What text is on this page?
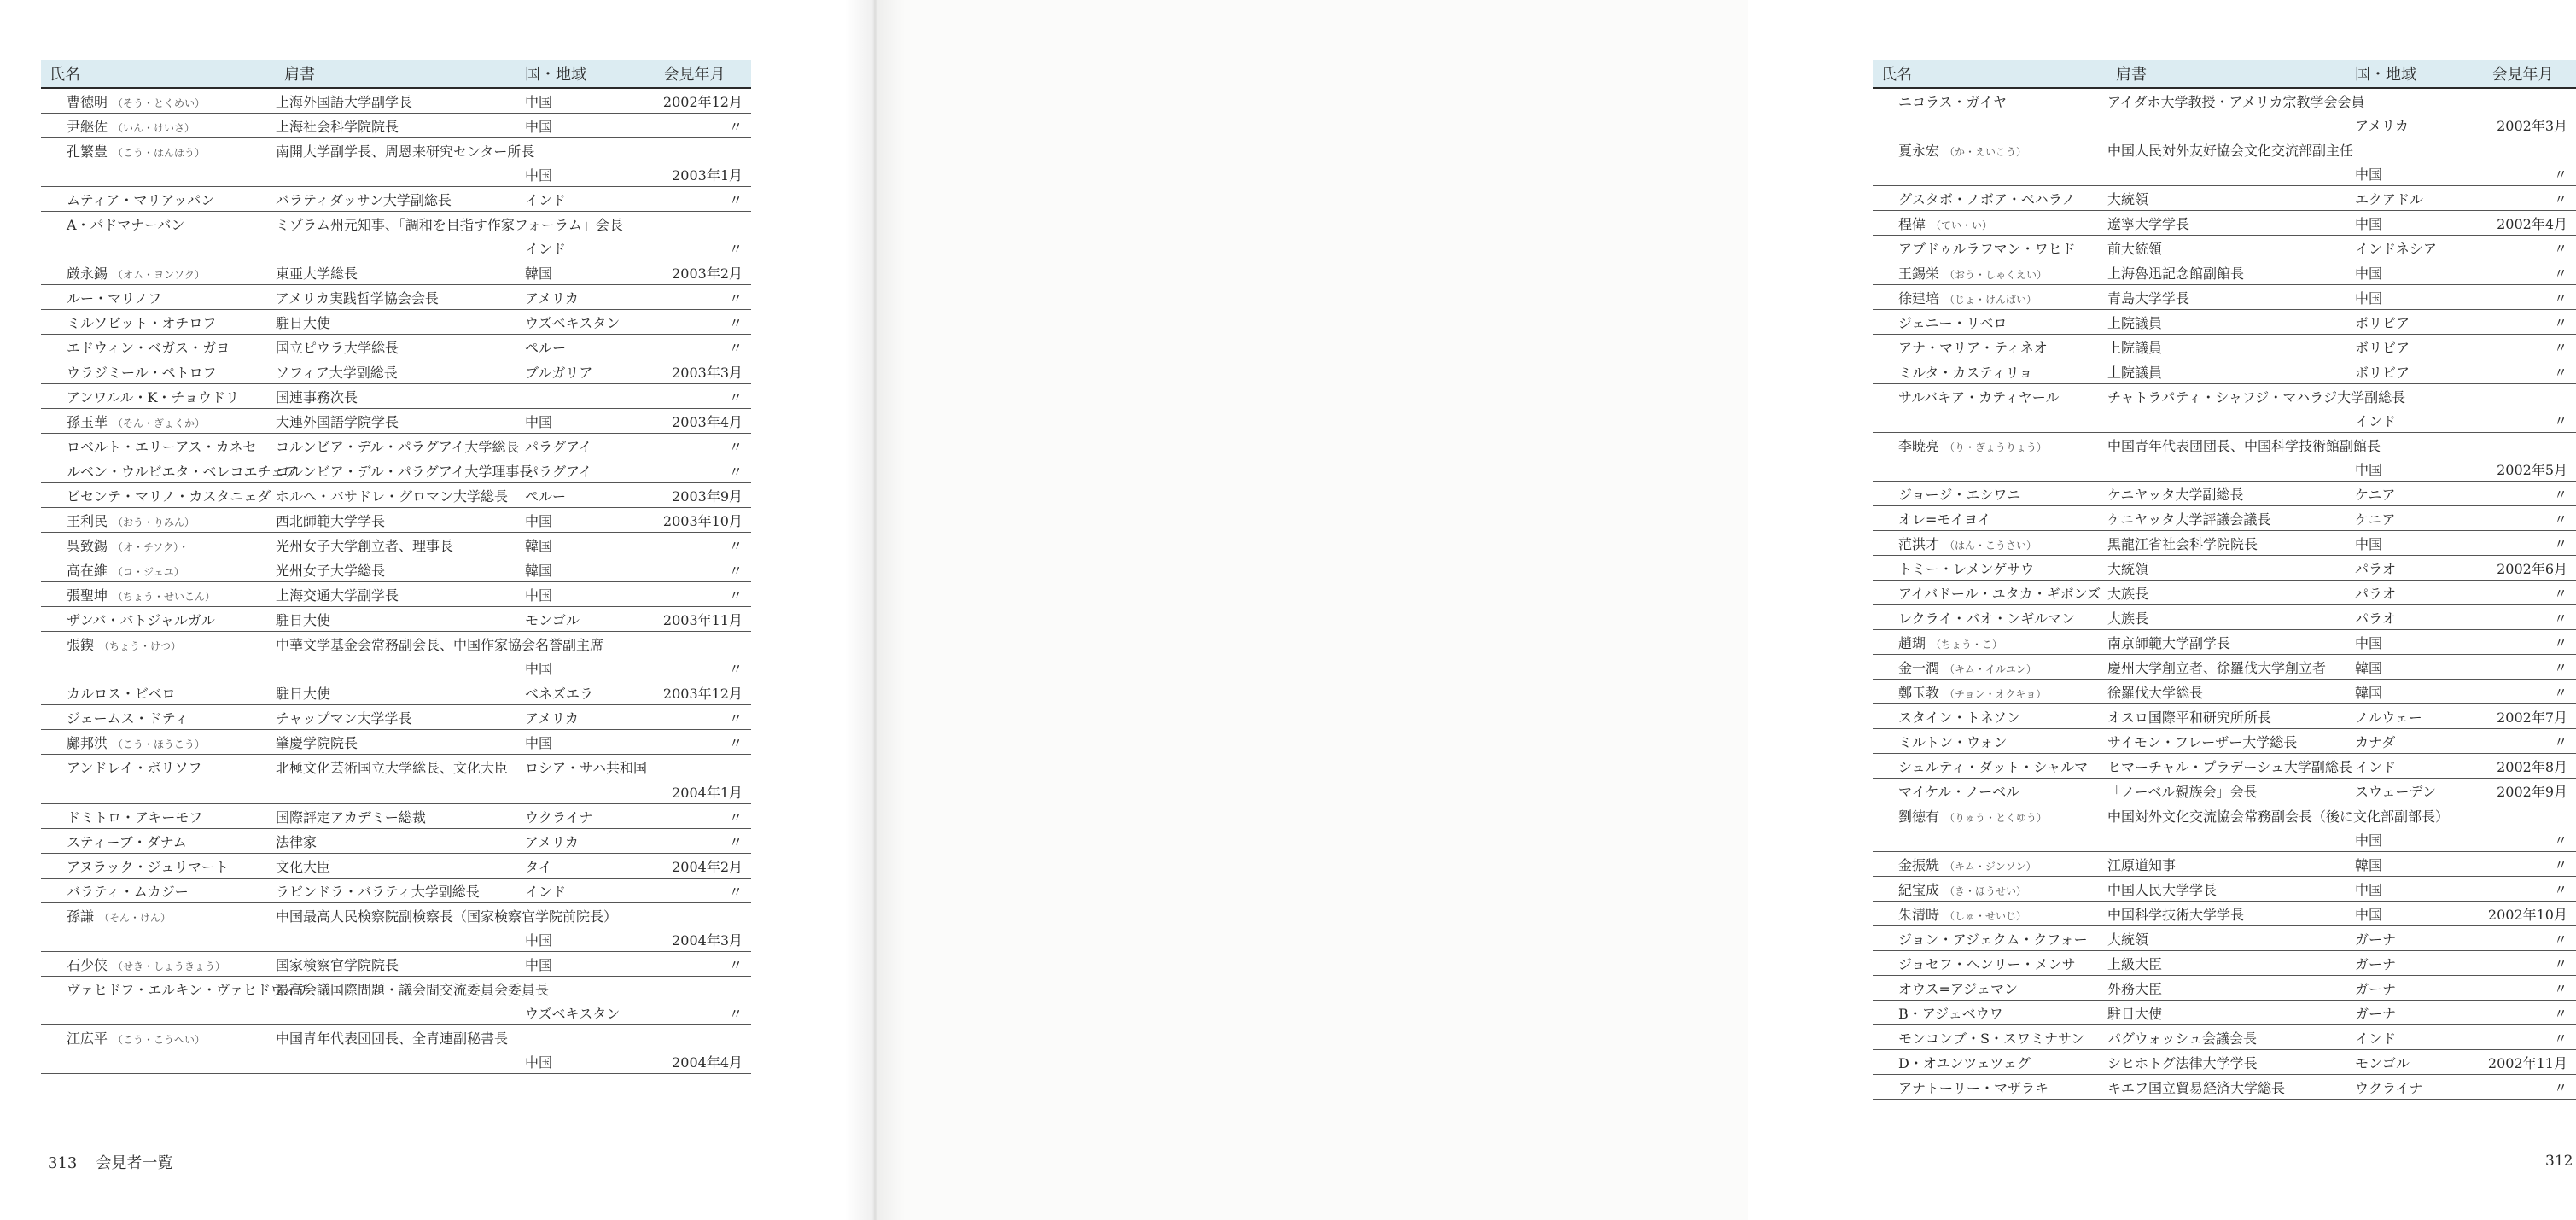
氏名	肩書	国・地域	会見年月
曹徳明 （そう・とくめい）	上海外国語大学副学長	中国	2002年12月
尹継佐 （いん・けいさ）	上海社会科学院院長	中国	〃
孔繁豊 （こう・はんほう）	南開大学副学長、周恩来研究センター所長		
		中国	2003年1月
ムティア・マリアッパン	バラティダッサン大学副総長	インド	〃
A・パドマナーバン	ミゾラム州元知事、「調和を目指す作家フォーラム」会長		
		インド	〃
厳永錫 （オム・ヨンソク）	東亜大学総長	韓国	2003年2月
ルー・マリノフ	アメリカ実践哲学協会会長	アメリカ	〃
ミルソビット・オチロフ	駐日大使	ウズベキスタン	〃
エドウィン・ベガス・ガヨ	国立ピウラ大学総長	ペルー	〃
ウラジミール・ペトロフ	ソフィア大学副総長	ブルガリア	2003年3月
アンワルル・K・チョウドリ	国連事務次長		〃
孫玉華 （そん・ぎょくか）	大連外国語学院学長	中国	2003年4月
ロベルト・エリーアス・カネセ	コルンビア・デル・パラグアイ大学総長	パラグアイ	〃
ルベン・ウルビエタ・ベレコエチェア	コルンビア・デル・パラグアイ大学理事長	パラグアイ	〃
ビセンテ・マリノ・カスタニェダ	ホルヘ・バサドレ・グロマン大学総長	ペルー	2003年9月
王利民 （おう・りみん）	西北師範大学学長	中国	2003年10月
呉致錫 （オ・チソク）・	光州女子大学創立者、理事長	韓国	〃
高在維 （コ・ジェユ）	光州女子大学総長	韓国	〃
張聖坤 （ちょう・せいこん）	上海交通大学副学長	中国	〃
ザンバ・バトジャルガル	駐日大使	モンゴル	2003年11月
張鍥 （ちょう・けつ）	中華文学基金会常務副会長、中国作家協会名誉副主席		
		中国	〃
カルロス・ビベロ	駐日大使	ベネズエラ	2003年12月
ジェームス・ドティ	チャップマン大学学長	アメリカ	〃
鄺邦洪 （こう・ほうこう）	肇慶学院院長	中国	〃
アンドレイ・ボリソフ	北極文化芸術国立大学総長、文化大臣	ロシア・サハ共和国	
			2004年1月
ドミトロ・アキーモフ	国際評定アカデミー総裁	ウクライナ	〃
スティーブ・ダナム	法律家	アメリカ	〃
アヌラック・ジュリマート	文化大臣	タイ	2004年2月
バラティ・ムカジー	ラビンドラ・バラティ大学副総長	インド	〃
孫謙 （そん・けん）	中国最高人民検察院副検察長（国家検察官学院前院長）		
		中国	2004年3月
石少侠 （せき・しょうきょう）	国家検察官学院院長	中国	〃
ヴァヒドフ・エルキン・ヴァヒドヴィチ	最高会議国際問題・議会間交流委員会委員長		
		ウズベキスタン	〃
江広平 （こう・こうへい）	中国青年代表団団長、全青連副秘書長		
		中国	2004年4月
313 会見者一覧
氏名	肩書	国・地域	会見年月
ニコラス・ガイヤ	アイダホ大学教授・アメリカ宗教学会会員		
		アメリカ	2002年3月
夏永宏 （か・えいこう）	中国人民対外友好協会文化交流部副主任		
		中国	〃
グスタボ・ノボア・ベハラノ	大統領	エクアドル	〃
程偉 （てい・い）	遼寧大学学長	中国	2002年4月
アブドゥルラフマン・ワヒド	前大統領	インドネシア	〃
王錫栄 （おう・しゃくえい）	上海魯迅記念館副館長	中国	〃
徐建培 （じょ・けんばい）	青島大学学長	中国	〃
ジェニー・リベロ	上院議員	ボリビア	〃
アナ・マリア・ティネオ	上院議員	ボリビア	〃
ミルタ・カスティリョ	上院議員	ボリビア	〃
サルバキア・カティヤール	チャトラパティ・シャフジ・マハラジ大学副総長		
		インド	〃
李暁亮 （り・ぎょうりょう）	中国青年代表団団長、中国科学技術館副館長		
		中国	2002年5月
ジョージ・エシワニ	ケニヤッタ大学副総長	ケニア	〃
オレ=モイヨイ	ケニヤッタ大学評議会議長	ケニア	〃
范洪才 （はん・こうさい）	黒龍江省社会科学院院長	中国	〃
トミー・レメンゲサウ	大統領	パラオ	2002年6月
アイバドール・ユタカ・ギボンズ	大族長	パラオ	〃
レクライ・バオ・ンギルマン	大族長	パラオ	〃
趙瑚 （ちょう・こ）	南京師範大学副学長	中国	〃
金一潤 （キム・イルユン）	慶州大学創立者、徐羅伐大学創立者	韓国	〃
鄭玉教 （チョン・オクキョ）	徐羅伐大学総長	韓国	〃
スタイン・トネソン	オスロ国際平和研究所所長	ノルウェー	2002年7月
ミルトン・ウォン	サイモン・フレーザー大学総長	カナダ	〃
シュルティ・ダット・シャルマ	ヒマーチャル・プラデーシュ大学副総長	インド	2002年8月
マイケル・ノーベル	「ノーベル親族会」会長	スウェーデン	2002年9月
劉徳有 （りゅう・とくゆう）	中国対外文化交流協会常務副会長（後に文化部副部長）		
		中国	〃
金振兟 （キム・ジンソン）	江原道知事	韓国	〃
紀宝成 （き・ほうせい）	中国人民大学学長	中国	〃
朱清時 （しゅ・せいじ）	中国科学技術大学学長	中国	2002年10月
ジョン・アジェクム・クフォー	大統領	ガーナ	〃
ジョセフ・ヘンリー・メンサ	上級大臣	ガーナ	〃
オウス=アジェマン	外務大臣	ガーナ	〃
B・アジェベウワ	駐日大使	ガーナ	〃
モンコンブ・S・スワミナサン	パグウォッシュ会議会長	インド	〃
D・オユンツェツェグ	シヒホトグ法律大学学長	モンゴル	2002年11月
アナトーリー・マザラキ	キエフ国立貿易経済大学総長	ウクライナ	〃
312
